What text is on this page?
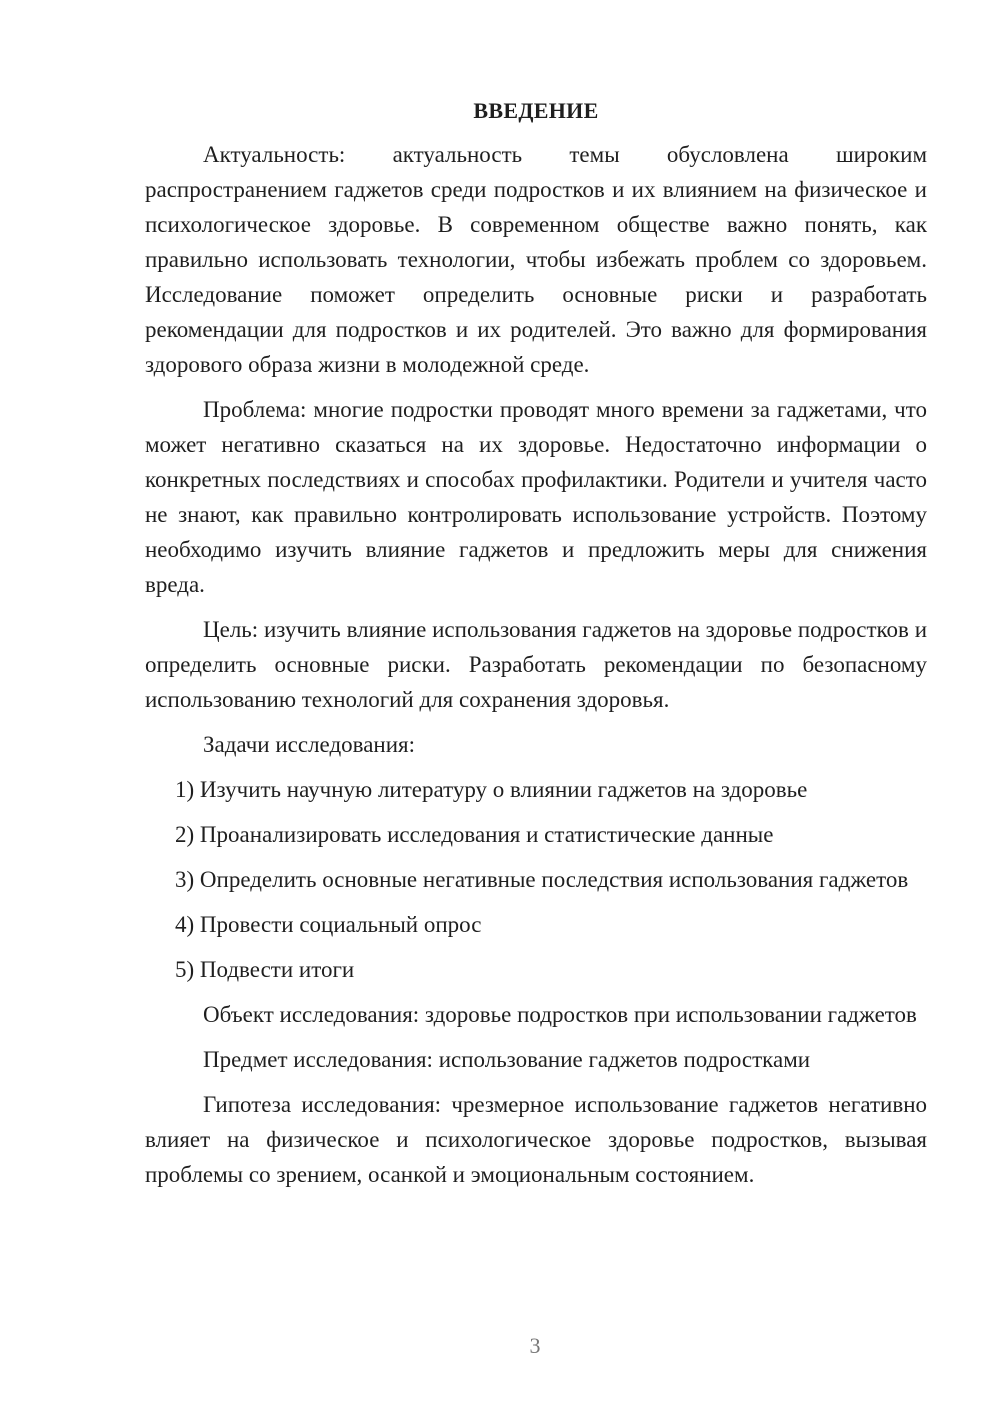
ВВЕДЕНИЕ

Актуальность: актуальность темы обусловлена широким распространением гаджетов среди подростков и их влиянием на физическое и психологическое здоровье. В современном обществе важно понять, как правильно использовать технологии, чтобы избежать проблем со здоровьем. Исследование поможет определить основные риски и разработать рекомендации для подростков и их родителей. Это важно для формирования здорового образа жизни в молодежной среде.

Проблема: многие подростки проводят много времени за гаджетами, что может негативно сказаться на их здоровье. Недостаточно информации о конкретных последствиях и способах профилактики. Родители и учителя часто не знают, как правильно контролировать использование устройств. Поэтому необходимо изучить влияние гаджетов и предложить меры для снижения вреда.

Цель: изучить влияние использования гаджетов на здоровье подростков и определить основные риски. Разработать рекомендации по безопасному использованию технологий для сохранения здоровья.

Задачи исследования:

1) Изучить научную литературу о влиянии гаджетов на здоровье

2) Проанализировать исследования и статистические данные

3) Определить основные негативные последствия использования гаджетов

4) Провести социальный опрос

5) Подвести итоги

Объект исследования: здоровье подростков при использовании гаджетов

Предмет исследования: использование гаджетов подростками

Гипотеза исследования: чрезмерное использование гаджетов негативно влияет на физическое и психологическое здоровье подростков, вызывая проблемы со зрением, осанкой и эмоциональным состоянием.

3
